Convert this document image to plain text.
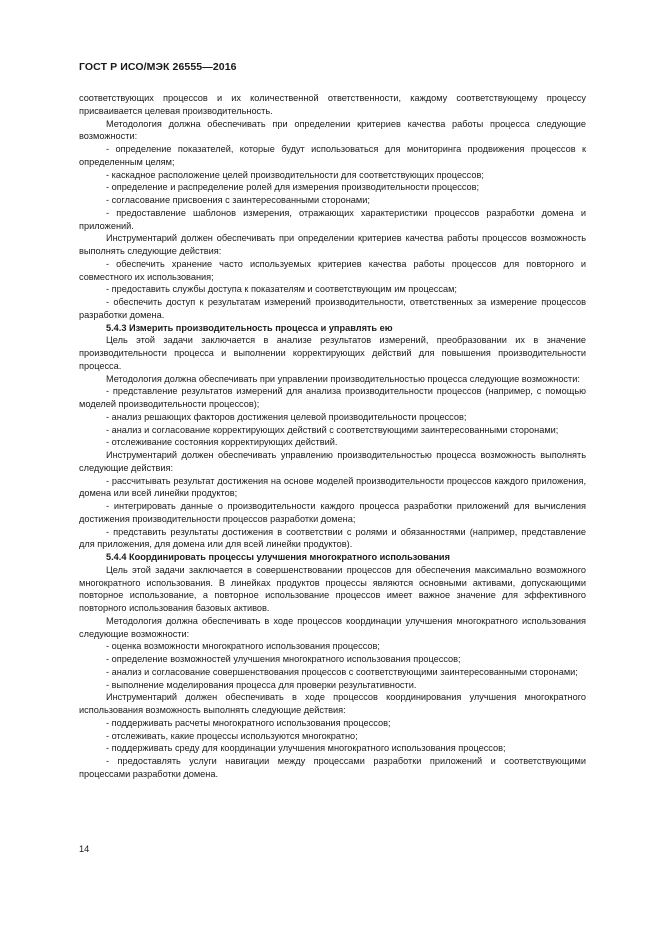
ГОСТ Р ИСО/МЭК 26555—2016

соответствующих процессов и их количественной ответственности, каждому соответствующему процессу присваивается целевая производительность.

Методология должна обеспечивать при определении критериев качества работы процесса следующие возможности:

- определение показателей, которые будут использоваться для мониторинга продвижения процессов к определенным целям;

- каскадное расположение целей производительности для соответствующих процессов;

- определение и распределение ролей для измерения производительности процессов;

- согласование присвоения с заинтересованными сторонами;

- предоставление шаблонов измерения, отражающих характеристики процессов разработки домена и приложений.

Инструментарий должен обеспечивать при определении критериев качества работы процессов возможность выполнять следующие действия:

- обеспечить хранение часто используемых критериев качества работы процессов для повторного и совместного их использования;

- предоставить службы доступа к показателям и соответствующим им процессам;

- обеспечить доступ к результатам измерений производительности, ответственных за измерение процессов разработки домена.

5.4.3 Измерить производительность процесса и управлять ею

Цель этой задачи заключается в анализе результатов измерений, преобразовании их в значение производительности процесса и выполнении корректирующих действий для повышения производительности процесса.

Методология должна обеспечивать при управлении производительностью процесса следующие возможности:

- представление результатов измерений для анализа производительности процессов (например, с помощью моделей производительности процессов);

- анализ решающих факторов достижения целевой производительности процессов;

- анализ и согласование корректирующих действий с соответствующими заинтересованными сторонами;

- отслеживание состояния корректирующих действий.

Инструментарий должен обеспечивать управлению производительностью процесса возможность выполнять следующие действия:

- рассчитывать результат достижения на основе моделей производительности процессов каждого приложения, домена или всей линейки продуктов;

- интегрировать данные о производительности каждого процесса разработки приложений для вычисления достижения производительности процессов разработки домена;

- представить результаты достижения в соответствии с ролями и обязанностями (например, представление для приложения, для домена или для всей линейки продуктов).

5.4.4 Координировать процессы улучшения многократного использования

Цель этой задачи заключается в совершенствовании процессов для обеспечения максимально возможного многократного использования. В линейках продуктов процессы являются основными активами, допускающими повторное использование, а повторное использование процессов имеет важное значение для эффективного повторного использования базовых активов.

Методология должна обеспечивать в ходе процессов координации улучшения многократного использования следующие возможности:

- оценка возможности многократного использования процессов;

- определение возможностей улучшения многократного использования процессов;

- анализ и согласование совершенствования процессов с соответствующими заинтересованными сторонами;

- выполнение моделирования процесса для проверки результативности.

Инструментарий должен обеспечивать в ходе процессов координирования улучшения многократного использования возможность выполнять следующие действия:

- поддерживать расчеты многократного использования процессов;

- отслеживать, какие процессы используются многократно;

- поддерживать среду для координации улучшения многократного использования процессов;

- предоставлять услуги навигации между процессами разработки приложений и соответствующими процессами разработки домена.

14
